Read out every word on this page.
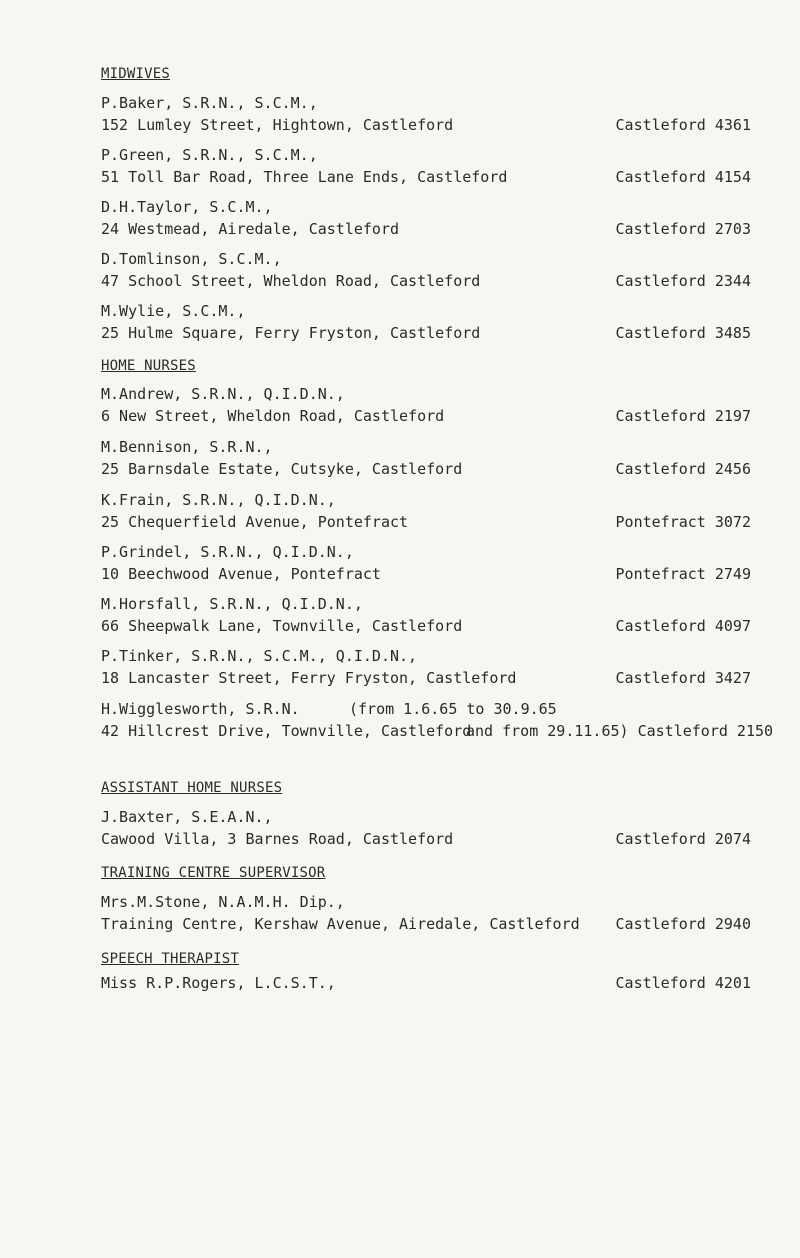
MIDWIVES
P.Baker, S.R.N., S.C.M.,
152 Lumley Street, Hightown, Castleford	Castleford 4361
P.Green, S.R.N., S.C.M.,
51 Toll Bar Road, Three Lane Ends, Castleford	Castleford 4154
D.H.Taylor, S.C.M.,
24 Westmead, Airedale, Castleford	Castleford 2703
D.Tomlinson, S.C.M.,
47 School Street, Wheldon Road, Castleford	Castleford 2344
M.Wylie, S.C.M.,
25 Hulme Square, Ferry Fryston, Castleford	Castleford 3485
HOME NURSES
M.Andrew, S.R.N., Q.I.D.N.,
6 New Street, Wheldon Road, Castleford	Castleford 2197
M.Bennison, S.R.N.,
25 Barnsdale Estate, Cutsyke, Castleford	Castleford 2456
K.Frain, S.R.N., Q.I.D.N.,
25 Chequerfield Avenue, Pontefract	Pontefract 3072
P.Grindel, S.R.N., Q.I.D.N.,
10 Beechwood Avenue, Pontefract	Pontefract 2749
M.Horsfall, S.R.N., Q.I.D.N.,
66 Sheepwalk Lane, Townville, Castleford	Castleford 4097
P.Tinker, S.R.N., S.C.M., Q.I.D.N.,
18 Lancaster Street, Ferry Fryston, Castleford	Castleford 3427
H.Wigglesworth, S.R.N.	(from 1.6.65 to 30.9.65
42 Hillcrest Drive, Townville, Castleford
and from 29.11.65) Castleford 2150
ASSISTANT HOME NURSES
J.Baxter, S.E.A.N.,
Cawood Villa, 3 Barnes Road, Castleford	Castleford 2074
TRAINING CENTRE SUPERVISOR
Mrs.M.Stone, N.A.M.H. Dip.,
Training Centre, Kershaw Avenue, Airedale, Castleford Castleford 2940
SPEECH THERAPIST
Miss R.P.Rogers, L.C.S.T.,	Castleford 4201
